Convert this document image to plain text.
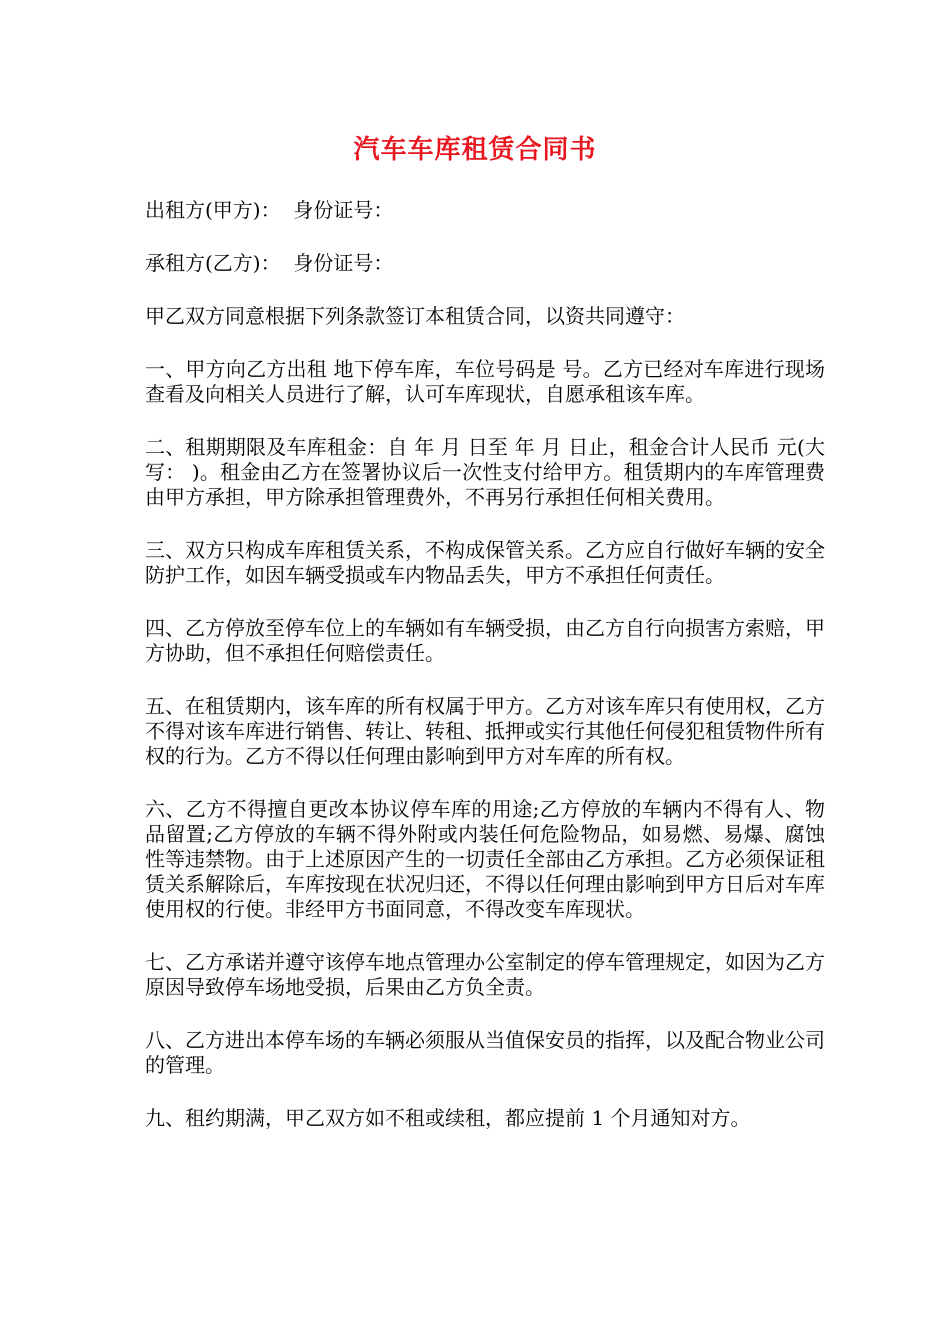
汽车车库租赁合同书

出租方(甲方)：  身份证号：

承租方(乙方)：  身份证号：

甲乙双方同意根据下列条款签订本租赁合同，以资共同遵守：

一、甲方向乙方出租 地下停车库，车位号码是 号。乙方已经对车库进行现场查看及向相关人员进行了解，认可车库现状，自愿承租该车库。

二、租期期限及车库租金：自 年 月 日至 年 月 日止，租金合计人民币 元(大写： )。租金由乙方在签署协议后一次性支付给甲方。租赁期内的车库管理费由甲方承担，甲方除承担管理费外，不再另行承担任何相关费用。

三、双方只构成车库租赁关系，不构成保管关系。乙方应自行做好车辆的安全防护工作，如因车辆受损或车内物品丢失，甲方不承担任何责任。

四、乙方停放至停车位上的车辆如有车辆受损，由乙方自行向损害方索赔，甲方协助，但不承担任何赔偿责任。

五、在租赁期内，该车库的所有权属于甲方。乙方对该车库只有使用权，乙方不得对该车库进行销售、转让、转租、抵押或实行其他任何侵犯租赁物件所有权的行为。乙方不得以任何理由影响到甲方对车库的所有权。

六、乙方不得擅自更改本协议停车库的用途;乙方停放的车辆内不得有人、物品留置;乙方停放的车辆不得外附或内装任何危险物品，如易燃、易爆、腐蚀性等违禁物。由于上述原因产生的一切责任全部由乙方承担。乙方必须保证租赁关系解除后，车库按现在状况归还，不得以任何理由影响到甲方日后对车库使用权的行使。非经甲方书面同意，不得改变车库现状。

七、乙方承诺并遵守该停车地点管理办公室制定的停车管理规定，如因为乙方原因导致停车场地受损，后果由乙方负全责。

八、乙方进出本停车场的车辆必须服从当值保安员的指挥，以及配合物业公司的管理。

九、租约期满，甲乙双方如不租或续租，都应提前 1 个月通知对方。
